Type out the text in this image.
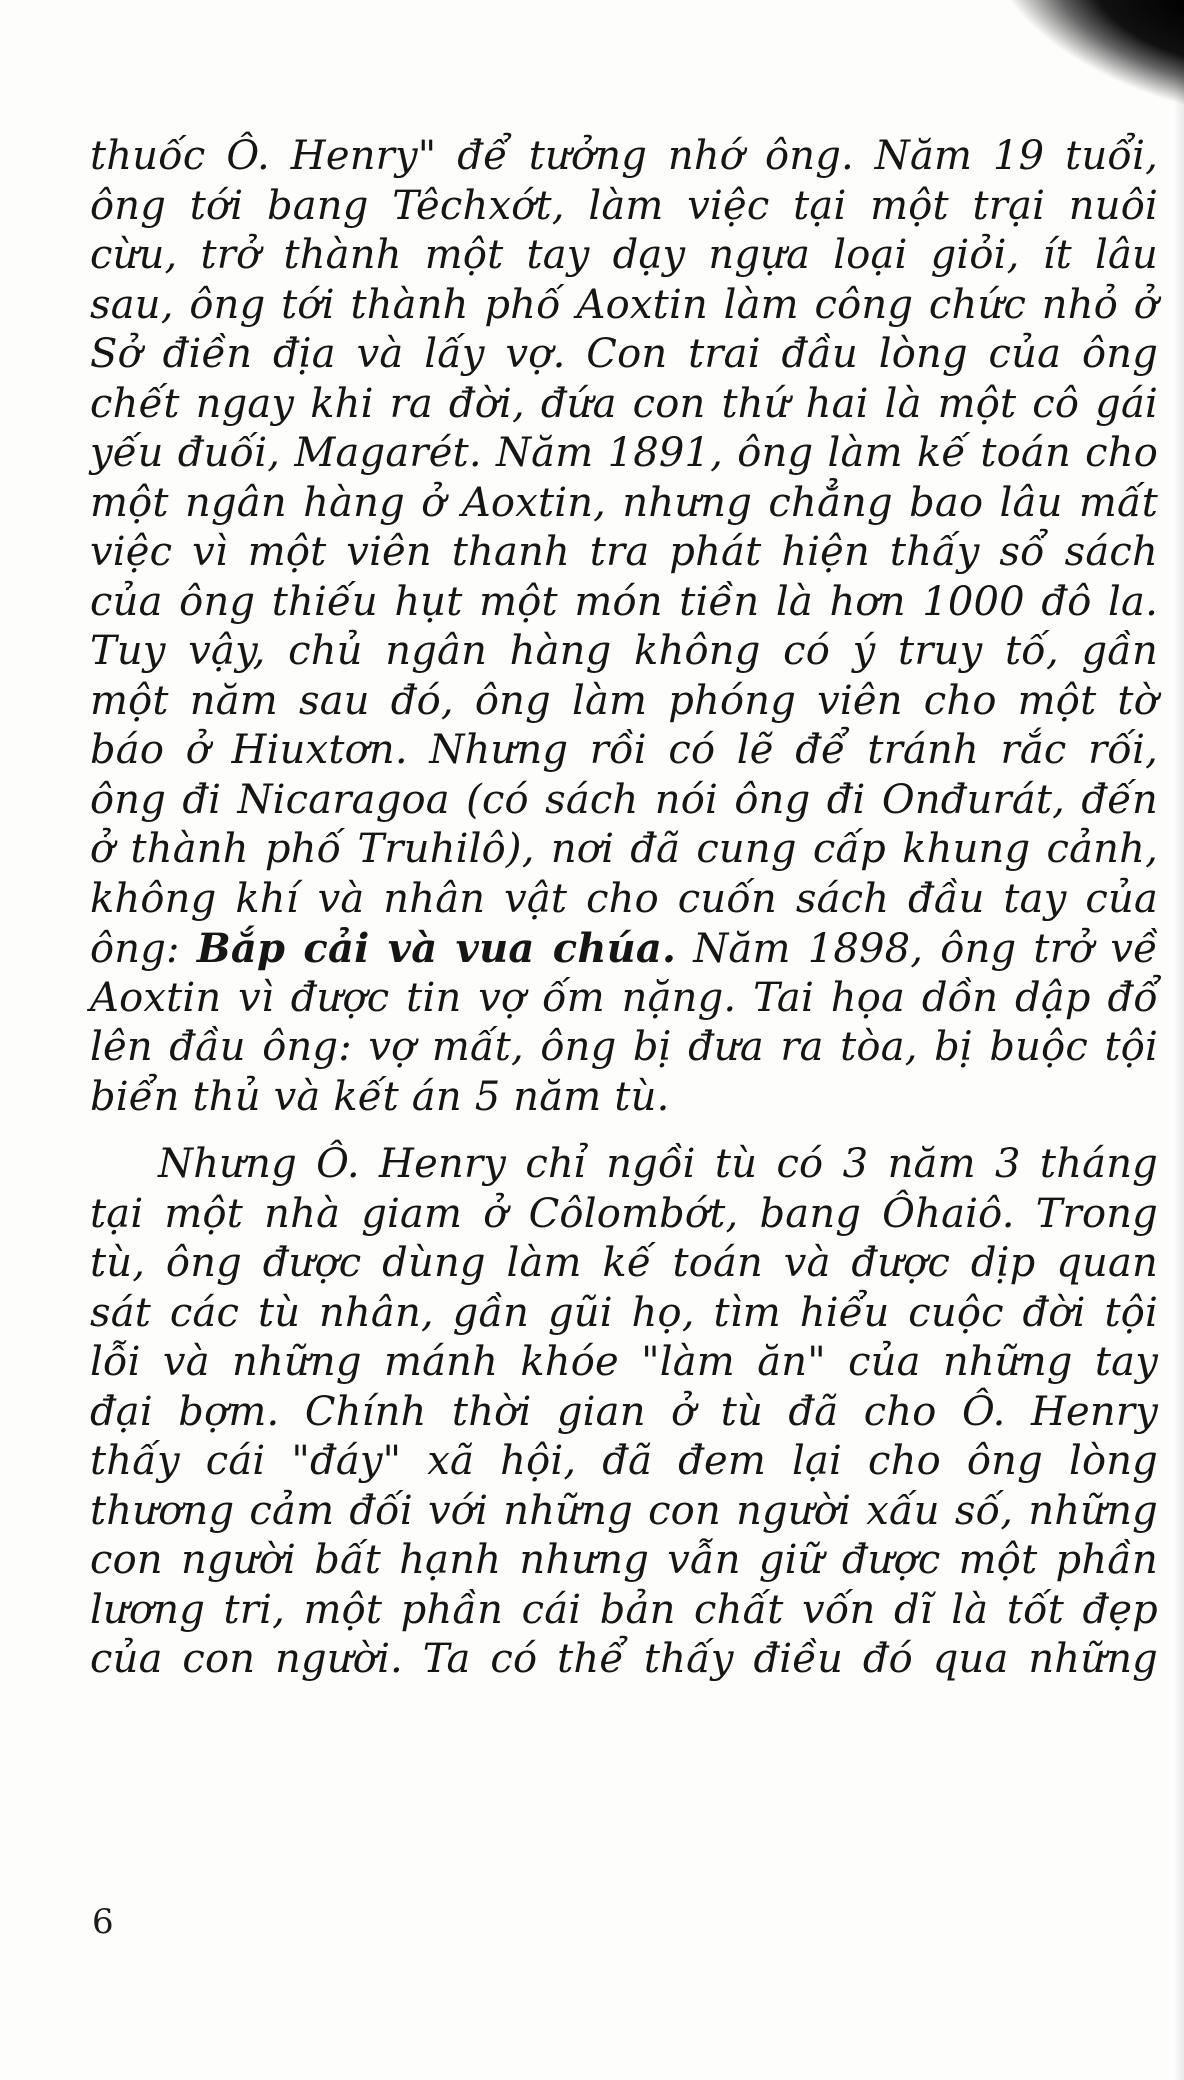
thuốc Ô. Henry" để tưởng nhớ ông. Năm 19 tuổi,
ông tới bang Têchxớt, làm việc tại một trại nuôi
cừu, trở thành một tay dạy ngựa loại giỏi, ít lâu
sau, ông tới thành phố Aoxtin làm công chức nhỏ ở
Sở điền địa và lấy vợ. Con trai đầu lòng của ông
chết ngay khi ra đời, đứa con thứ hai là một cô gái
yếu đuối, Magarét. Năm 1891, ông làm kế toán cho
một ngân hàng ở Aoxtin, nhưng chẳng bao lâu mất
việc vì một viên thanh tra phát hiện thấy sổ sách
của ông thiếu hụt một món tiền là hơn 1000 đô la.
Tuy vậy, chủ ngân hàng không có ý truy tố, gần
một năm sau đó, ông làm phóng viên cho một tờ
báo ở Hiuxtơn. Nhưng rồi có lẽ để tránh rắc rối,
ông đi Nicaragoa (có sách nói ông đi Onđurát, đến
ở thành phố Truhilô), nơi đã cung cấp khung cảnh,
không khí và nhân vật cho cuốn sách đầu tay của
ông: Bắp cải và vua chúa. Năm 1898, ông trở về
Aoxtin vì được tin vợ ốm nặng. Tai họa dồn dập đổ
lên đầu ông: vợ mất, ông bị đưa ra tòa, bị buộc tội
biển thủ và kết án 5 năm tù.
Nhưng Ô. Henry chỉ ngồi tù có 3 năm 3 tháng
tại một nhà giam ở Côlombớt, bang Ôhaiô. Trong
tù, ông được dùng làm kế toán và được dịp quan
sát các tù nhân, gần gũi họ, tìm hiểu cuộc đời tội
lỗi và những mánh khóe "làm ăn" của những tay
đại bợm. Chính thời gian ở tù đã cho Ô. Henry
thấy cái "đáy" xã hội, đã đem lại cho ông lòng
thương cảm đối với những con người xấu số, những
con người bất hạnh nhưng vẫn giữ được một phần
lương tri, một phần cái bản chất vốn dĩ là tốt đẹp
của con người. Ta có thể thấy điều đó qua những
6
